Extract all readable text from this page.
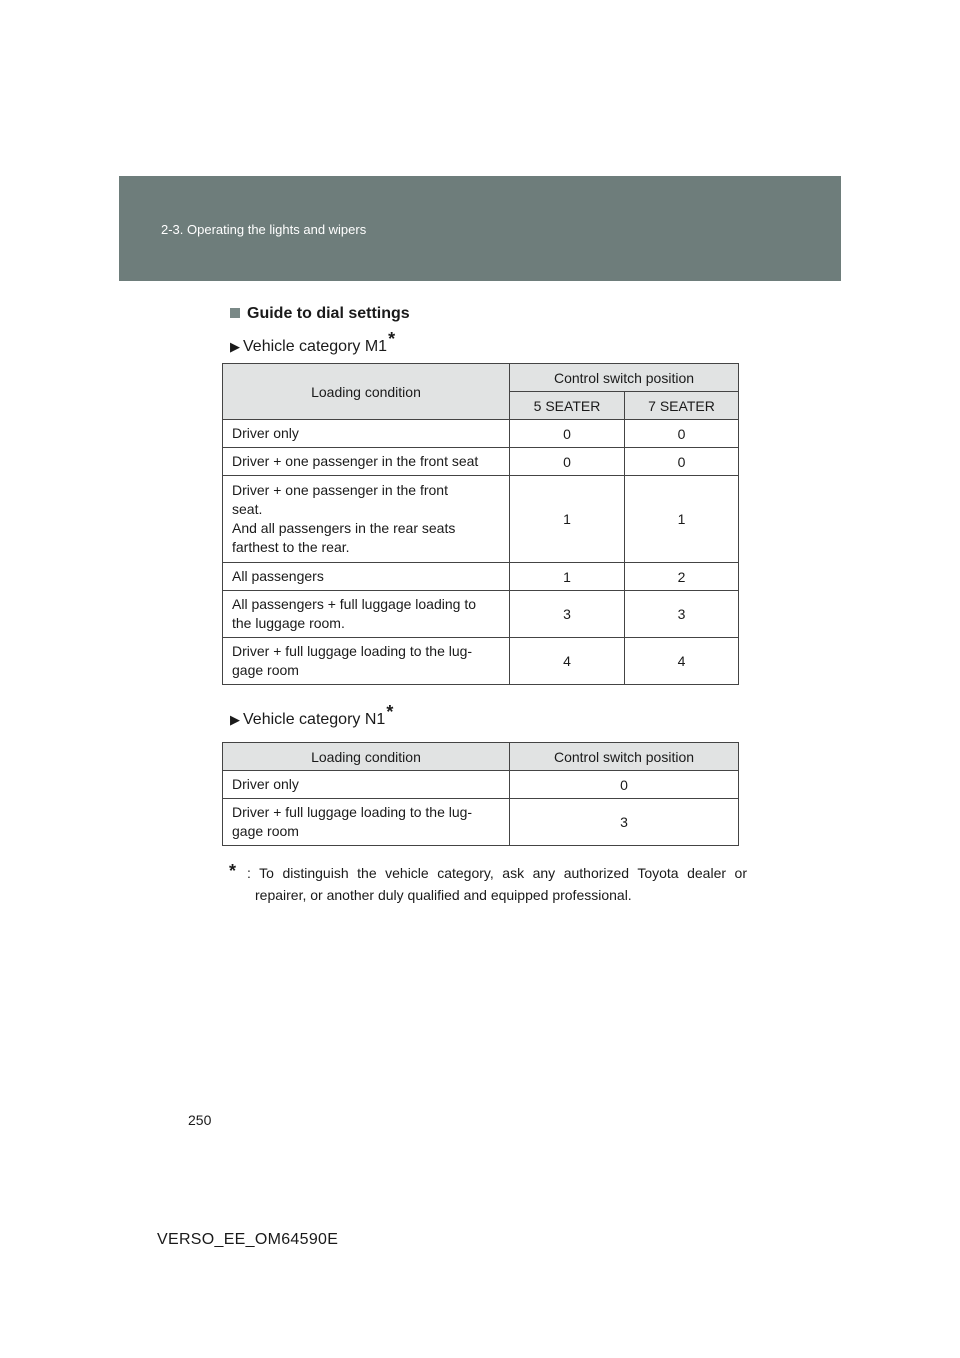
2-3. Operating the lights and wipers
Guide to dial settings
▶ Vehicle category M1*
Loading condition	Control switch position	
	5 SEATER	7 SEATER
Driver only	0	0
Driver + one passenger in the front seat	0	0
Driver + one passenger in the front
seat.
And all passengers in the rear seats
farthest to the rear.	1	1
All passengers	1	2
All passengers + full luggage loading to
the luggage room.	3	3
Driver + full luggage loading to the lug-
gage room	4	4
▶ Vehicle category N1*
Loading condition	Control switch position
Driver only	0
Driver + full luggage loading to the lug-
gage room	3
* : To distinguish the vehicle category, ask any authorized Toyota dealer or repairer, or another duly qualified and equipped professional.
250
VERSO_EE_OM64590E
